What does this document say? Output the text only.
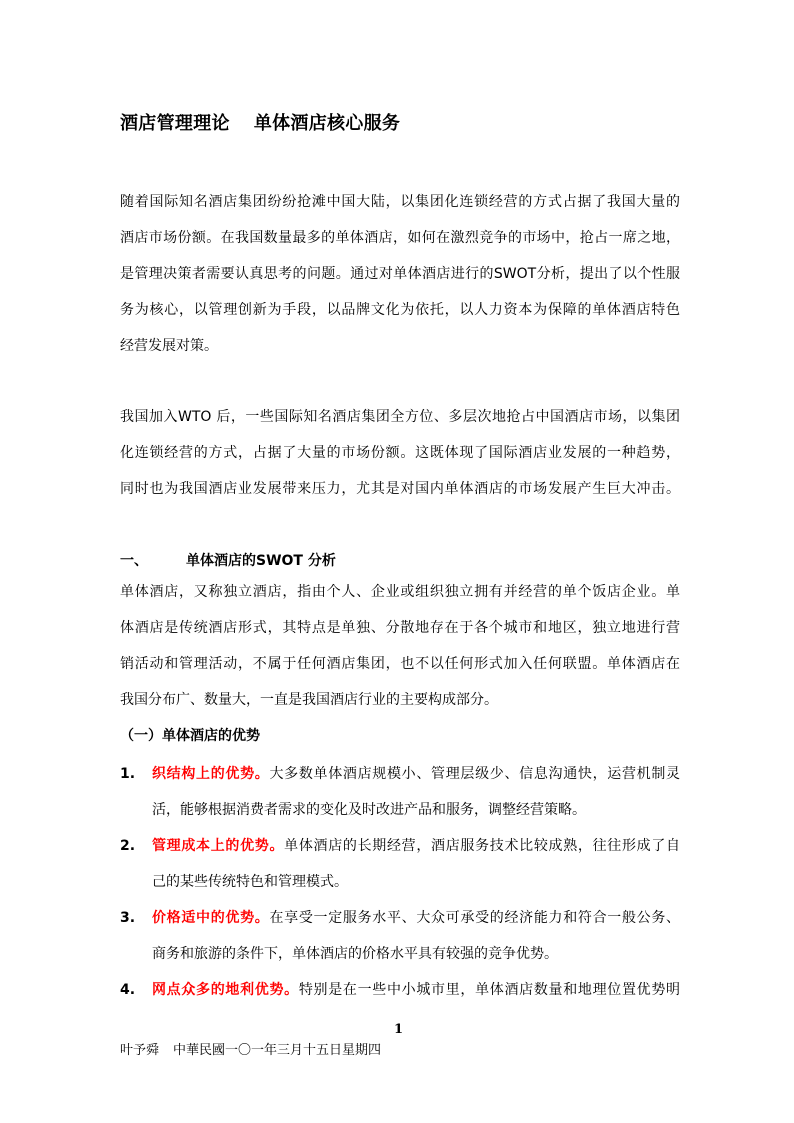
酒店管理理论 单体酒店核心服务
随着国际知名酒店集团纷纷抢滩中国大陆，以集团化连锁经营的方式占据了我国大量的
酒店市场份额。在我国数量最多的单体酒店，如何在激烈竞争的市场中，抢占一席之地，
是管理决策者需要认真思考的问题。通过对单体酒店进行的SWOT分析，提出了以个性服
务为核心，以管理创新为手段，以品牌文化为依托，以人力资本为保障的单体酒店特色
经营发展对策。
我国加入WTO 后，一些国际知名酒店集团全方位、多层次地抢占中国酒店市场，以集团
化连锁经营的方式，占据了大量的市场份额。这既体现了国际酒店业发展的一种趋势，
同时也为我国酒店业发展带来压力，尤其是对国内单体酒店的市场发展产生巨大冲击。
一、	单体酒店的SWOT 分析
单体酒店，又称独立酒店，指由个人、企业或组织独立拥有并经营的单个饭店企业。单
体酒店是传统酒店形式，其特点是单独、分散地存在于各个城市和地区，独立地进行营
销活动和管理活动，不属于任何酒店集团，也不以任何形式加入任何联盟。单体酒店在
我国分布广、数量大，一直是我国酒店行业的主要构成部分。
（一）单体酒店的优势
1. 织结构上的优势。大多数单体酒店规模小、管理层级少、信息沟通快，运营机制灵
活，能够根据消费者需求的变化及时改进产品和服务，调整经营策略。
2. 管理成本上的优势。单体酒店的长期经营，酒店服务技术比较成熟，往往形成了自
己的某些传统特色和管理模式。
3. 价格适中的优势。在享受一定服务水平、大众可承受的经济能力和符合一般公务、
商务和旅游的条件下，单体酒店的价格水平具有较强的竞争优势。
4. 网点众多的地利优势。特别是在一些中小城市里，单体酒店数量和地理位置优势明
1
叶予舜 中華民國一〇一年三月十五日星期四
